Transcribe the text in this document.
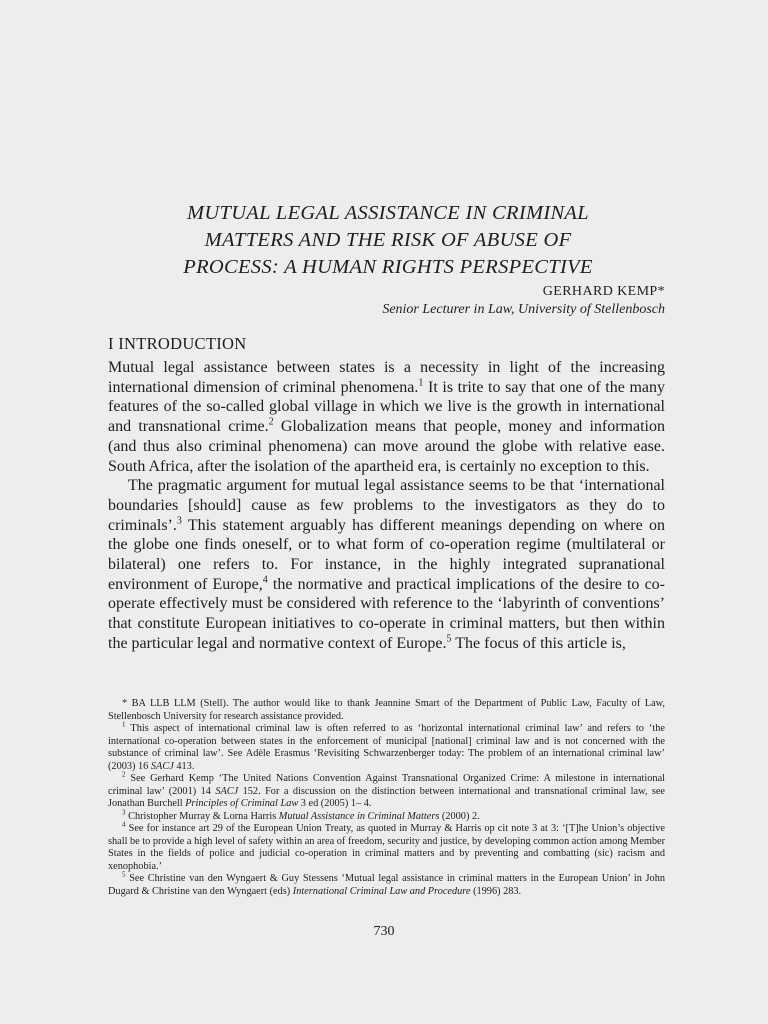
MUTUAL LEGAL ASSISTANCE IN CRIMINAL
MATTERS AND THE RISK OF ABUSE OF
PROCESS: A HUMAN RIGHTS PERSPECTIVE
GERHARD KEMP*
Senior Lecturer in Law, University of Stellenbosch
I INTRODUCTION

Mutual legal assistance between states is a necessity in light of the increasing international dimension of criminal phenomena.$^1$ It is trite to say that one of the many features of the so-called global village in which we live is the growth in international and transnational crime.$^2$ Globalization means that people, money and information (and thus also criminal phenomena) can move around the globe with relative ease. South Africa, after the isolation of the apartheid era, is certainly no exception to this.

The pragmatic argument for mutual legal assistance seems to be that ‘international boundaries [should] cause as few problems to the investigators as they do to criminals’.$^3$ This statement arguably has different meanings depending on where on the globe one finds oneself, or to what form of co-operation regime (multilateral or bilateral) one refers to. For instance, in the highly integrated supranational environment of Europe,$^4$ the normative and practical implications of the desire to co-operate effectively must be considered with reference to the ‘labyrinth of conventions’ that constitute European initiatives to co-operate in criminal matters, but then within the particular legal and normative context of Europe.$^5$ The focus of this article is,

* BA LLB LLM (Stell). The author would like to thank Jeannine Smart of the Department of Public Law, Faculty of Law, Stellenbosch University for research assistance provided.

$^1$ This aspect of international criminal law is often referred to as ‘horizontal international criminal law’ and refers to ‘the international co-operation between states in the enforcement of municipal [national] criminal law and is not concerned with the substance of criminal law’. See Adèle Erasmus ‘Revisiting Schwarzenberger today: The problem of an international criminal law’ (2003) 16 SACJ 413.

$^2$ See Gerhard Kemp ‘The United Nations Convention Against Transnational Organized Crime: A milestone in international criminal law’ (2001) 14 SACJ 152. For a discussion on the distinction between international and transnational criminal law, see Jonathan Burchell Principles of Criminal Law 3 ed (2005) 1– 4.

$^3$ Christopher Murray & Lorna Harris Mutual Assistance in Criminal Matters (2000) 2.

$^4$ See for instance art 29 of the European Union Treaty, as quoted in Murray & Harris op cit note 3 at 3: ‘[T]he Union’s objective shall be to provide a high level of safety within an area of freedom, security and justice, by developing common action among Member States in the fields of police and judicial co-operation in criminal matters and by preventing and combatting (sic) racism and xenophobia.’

$^5$ See Christine van den Wyngaert & Guy Stessens ‘Mutual legal assistance in criminal matters in the European Union’ in John Dugard & Christine van den Wyngaert (eds) International Criminal Law and Procedure (1996) 283.

730
